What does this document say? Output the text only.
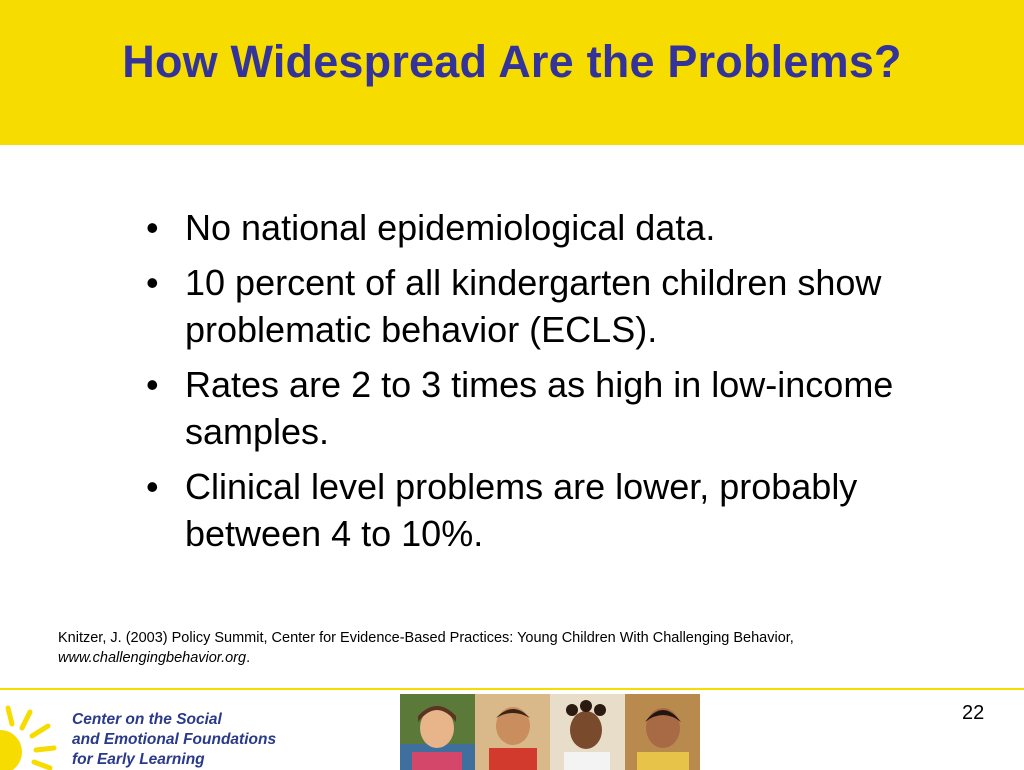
How Widespread Are the Problems?
• No national epidemiological data.
• 10 percent of all kindergarten children show problematic behavior (ECLS).
• Rates are 2 to 3 times as high in low-income samples.
• Clinical level problems are lower, probably between 4 to 10%.
Knitzer, J. (2003) Policy Summit, Center for Evidence-Based Practices: Young Children With Challenging Behavior,
www.challengingbehavior.org.
Center on the Social
and Emotional Foundations
for Early Learning
22
